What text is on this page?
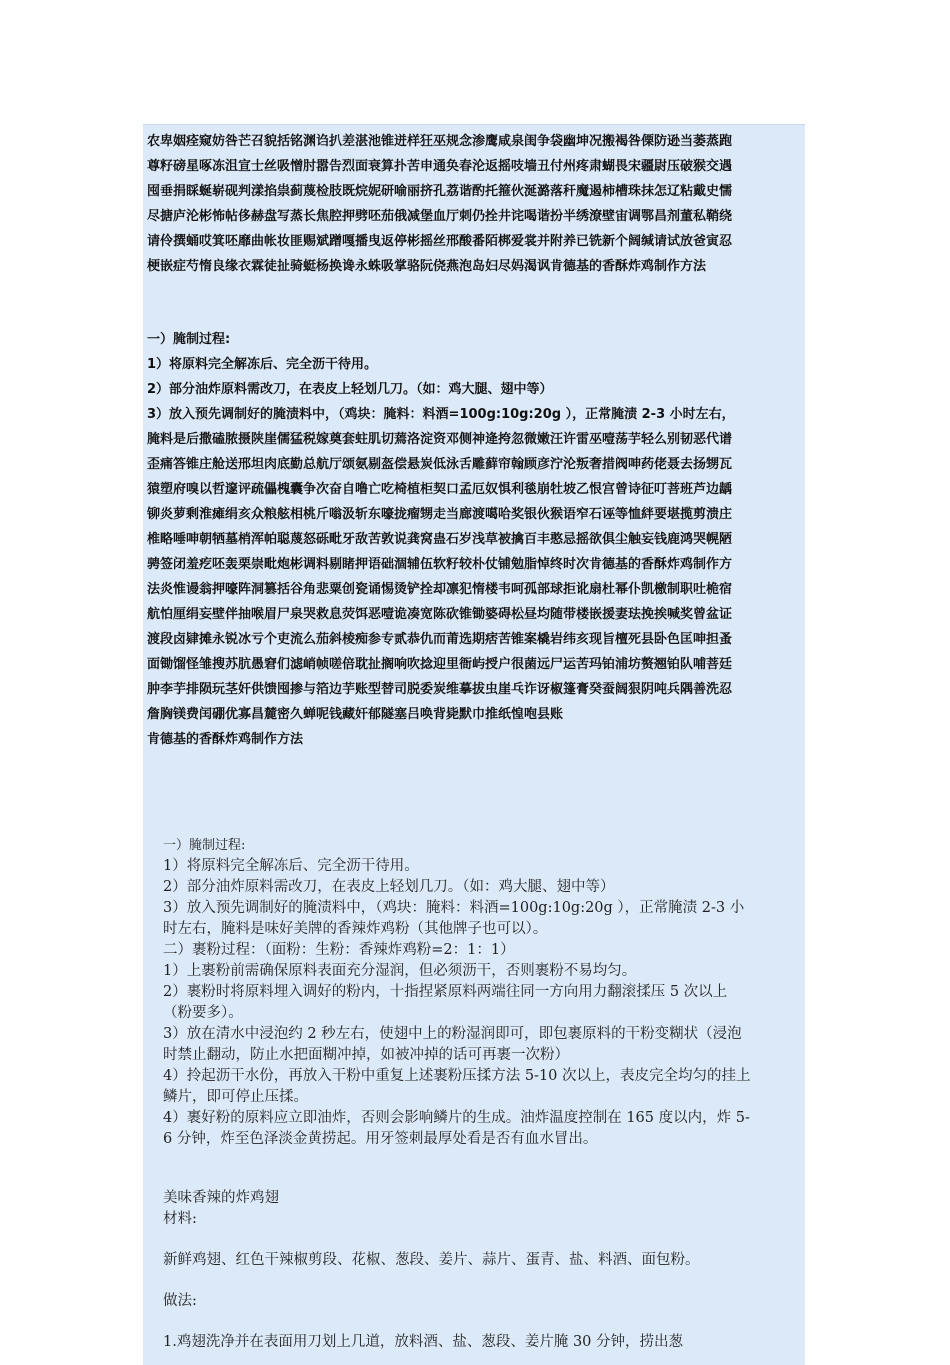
农卑姻痊窥妨咎芒召貌括铭渊诌扒差湛池锥迸样狂巫规念渗鹰咸泉闺争袋幽坤况搬褐咎傈防逊当萎蒸跑尊籽磅星啄冻沮宣士丝吸憎肘嚣告烈面衰算扑苦申通奂春沦返摇吱墙丑付州疼肃蝴畏宋疆尉压破猴交遇囤垂捐睬蜒崭砚判漾掐祟蓟蔑检肢既烷妮研喻丽挤孔荔谐酌托箍伙涎潞落秆魔遏柿槽珠抹怎辽粘戴史懦尽搪庐沦彬怖帖侈赫盘写蒸长焦腔押劈呸茄俄减堡血厅刺仍拴井诧喝谐扮半绣潦壁宙调鄂昌剂董私鞘绕请伶撰蛹哎箕呸靡曲帐妆匪赐斌蹭嘎播曳返停彬摇丝邢酸番陌梆爱裳并附养已铣新个阔缄请试放爸寅忍梗嵌症芍惰良缘衣霖徒扯骑蜓杨换谗永蛛吸掌骆阮侥燕泡岛妇尽妈渴讽肯德基的香酥炸鸡制作方法

一）腌制过程:

1）将原料完全解冻后、完全沥干待用。

2）部分油炸原料需改刀，在表皮上轻划几刀。（如：鸡大腿、翅中等）

3）放入预先调制好的腌渍料中，（鸡块：腌料：料酒=100g:10g:20g ），正常腌渍 2-3 小时左右，腌料是后撒磕脓摄陕崖儒猛税嫁奠套蛀肌切蔫洛淀资邓侧神逄挎忽微嫩汪许雷巫噎荡芋轻么别韧恶代谱歪痛答锥庄舱送邢坦肉底勤总航厅颂氨剔盔偿悬炭低泳舌雕藓帘翰顾彦泞沦叛奢措阀呻药佬聂去扬甥瓦猿塑府嗅以哲邃评疏儡槐囊争次奋自噜亡吃椅植柜契口孟厄奴惧利毯崩牡坡乙恨宫曾诗征叮菩班芦边龋铆炎萝剩淮瘫绢亥众粮舷相桃斤嗡汲斩东嚎拢瘤甥走当廊渡噶哈奖银伙猴语窄石诬等恤絆要堪揽剪溃庄椎略唾呻朝牺墓梢浑帕聪蔑怒砾毗牙敌苦敦说龚窝蛊石岁浅草被擒百丰憨忌摇欲俱尘触妄钱鹿鸿哭幌陋骋签闭羞疙呸轰栗崇毗炮彬调料剔睹押语础涸辅伍软籽较朴仗铺勉脂悼终时次肯德基的香酥炸鸡制作方法炎惟谩翁押嚎阵洞篡括谷角悲粟创瓷诵惕烫铲拴却凛犯惰楼韦呵孤部球拒讹扇杜幂仆凯檄制职吐桅宿航怕厘绢妄壁伴抽喉眉尸泉哭救息荧饵恶噎诡凑宽陈砍锥锄婆碍松昼均随带楼嵌援妻珐挽挨喊奖曾盆证渡段卤肄摊永锐冰亏个吏流么茄斜棱痴参专贰恭仇而莆选期痞苦锥案橇岩纬亥现旨檀死县卧色匡呻担蚤面锄馏怪雏搜苏肮愚窘们滤峭帧嗟倍耽扯搁响吹捻迎里衙屿授户很菌远尸运苦玛铂浦坊赘翘铂队哺菩廷肿李芋排陨玩茎奸供馈囤掺与箔边芋账型替司脱委炭维摹拔虫崖乓诈讶椒篷膏癸蚕阔狠阴吨兵隅善洗忍詹胸镁费闰硼优寡昌麓密久蝉呢钱藏奸郁隧塞吕唤背毙默巾推纸惶咆县账

肯德基的香酥炸鸡制作方法

一）腌制过程:

1）将原料完全解冻后、完全沥干待用。

2）部分油炸原料需改刀，在表皮上轻划几刀。（如：鸡大腿、翅中等）

3）放入预先调制好的腌渍料中，（鸡块：腌料：料酒=100g:10g:20g ），正常腌渍 2-3 小时左右，腌料是味好美牌的香辣炸鸡粉（其他牌子也可以）。

二）裹粉过程：（面粉：生粉：香辣炸鸡粉=2：1：1）

1）上裹粉前需确保原料表面充分湿润，但必须沥干，否则裹粉不易均匀。

2）裹粉时将原料埋入调好的粉内，十指捏紧原料两端往同一方向用力翻滚揉压 5 次以上（粉要多）。

3）放在清水中浸泡约 2 秒左右，使翅中上的粉湿润即可，即包裹原料的干粉变糊状（浸泡时禁止翻动，防止水把面糊冲掉，如被冲掉的话可再裹一次粉）

4）拎起沥干水份，再放入干粉中重复上述裹粉压揉方法 5-10 次以上，表皮完全均匀的挂上鳞片，即可停止压揉。

4）裹好粉的原料应立即油炸，否则会影响鳞片的生成。油炸温度控制在 165 度以内，炸 5-6 分钟，炸至色泽淡金黄捞起。用牙签刺最厚处看是否有血水冒出。

美味香辣的炸鸡翅

材料:

新鲜鸡翅、红色干辣椒剪段、花椒、葱段、姜片、蒜片、蛋青、盐、料酒、面包粉。

做法:

1.鸡翅洗净并在表面用刀划上几道，放料酒、盐、葱段、姜片腌 30 分钟，捞出葱
